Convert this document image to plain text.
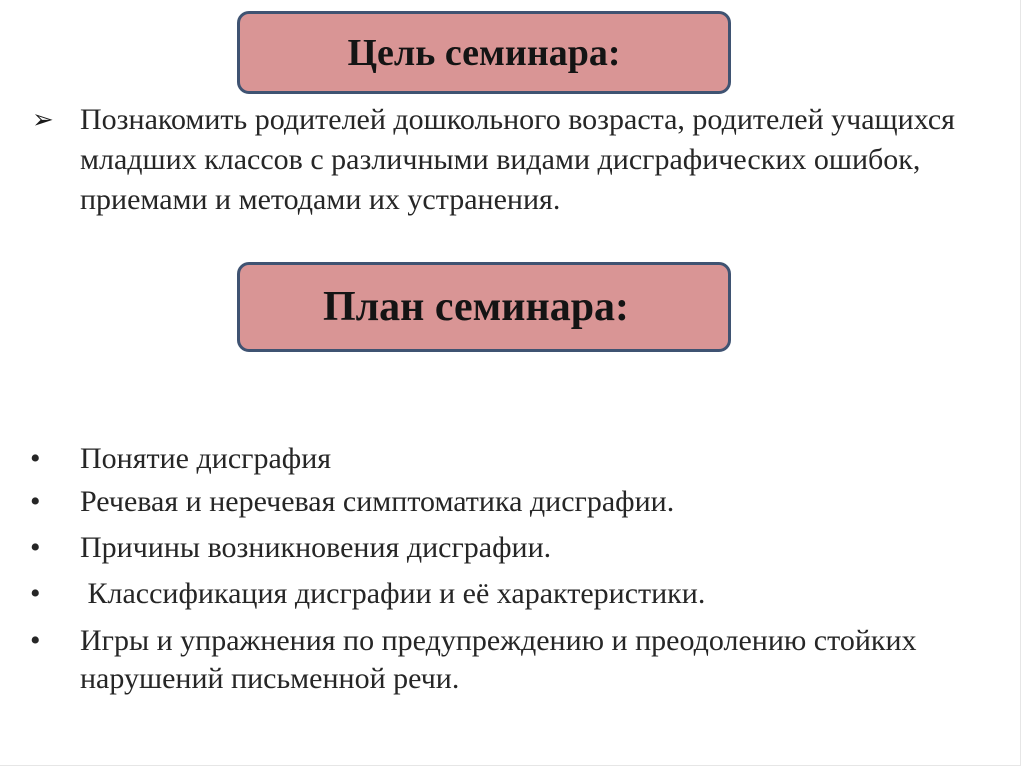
Цель семинара:
➢ Познакомить родителей дошкольного возраста, родителей учащихся младших классов с различными видами дисграфических ошибок, приемами и методами их устранения.
План семинара:
•	Понятие дисграфия
•	Речевая и неречевая симптоматика дисграфии.
•	Причины возникновения дисграфии.
•	Классификация дисграфии и её характеристики.
•	Игры и упражнения по предупреждению и преодолению стойких нарушений письменной речи.
